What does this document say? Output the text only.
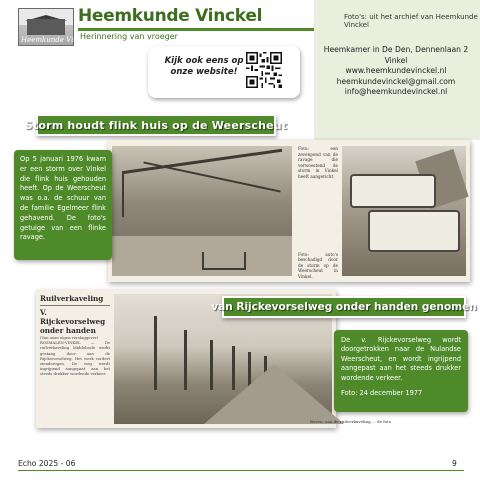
Heemkunde Vinc
Heemkunde Vinckel
Herinnering van vroeger
Foto's: uit het archief van Heemkunde Vinckel
Heemkamer in De Den, Dennenlaan 2
Vinkel
www.heemkundevinckel.nl
heemkundevinckel@gmail.com
info@heemkundevinckel.nl
Kijk ook eens op
onze website!
Storm houdt flink huis op de Weerscheut
Foto: een zevenpond van de ravage die verwoestend de storm in Vinkel heeft aangericht.
Foto: auto's beschadigd door de storm op de Weerscheut in Vinkel.
Op 5 januari 1976 kwam er een storm over Vinkel die flink huis gehouden heeft. Op de Weerscheut was o.a. de schuur van de familie Egelmeer flink gehavend. De foto's getuige van een flinke ravage.
Ruilverkaveling
V. Rijckevorselweg
onder handen
(Van onze eigen verslaggever)
ROSMALEN-VINKEL — De ruilverkaveling Middelrode werkt gestaag door aan de Rijckevorselweg. Het werk vordert zienderogen. De weg wordt ingrijpend aangepast aan het steeds drukker wordende verkeer.
Boven: aan de ruilverkaveling ... de foto
van Rijckevorselweg onder handen genomen
De v. Rijckevorselweg wordt doorgetrokken naar de Nulandse Weerscheut, en wordt ingrijpend aangepast aan het steeds drukker wordende verkeer.
Foto: 24 december 1977
Echo 2025 - 06	9
